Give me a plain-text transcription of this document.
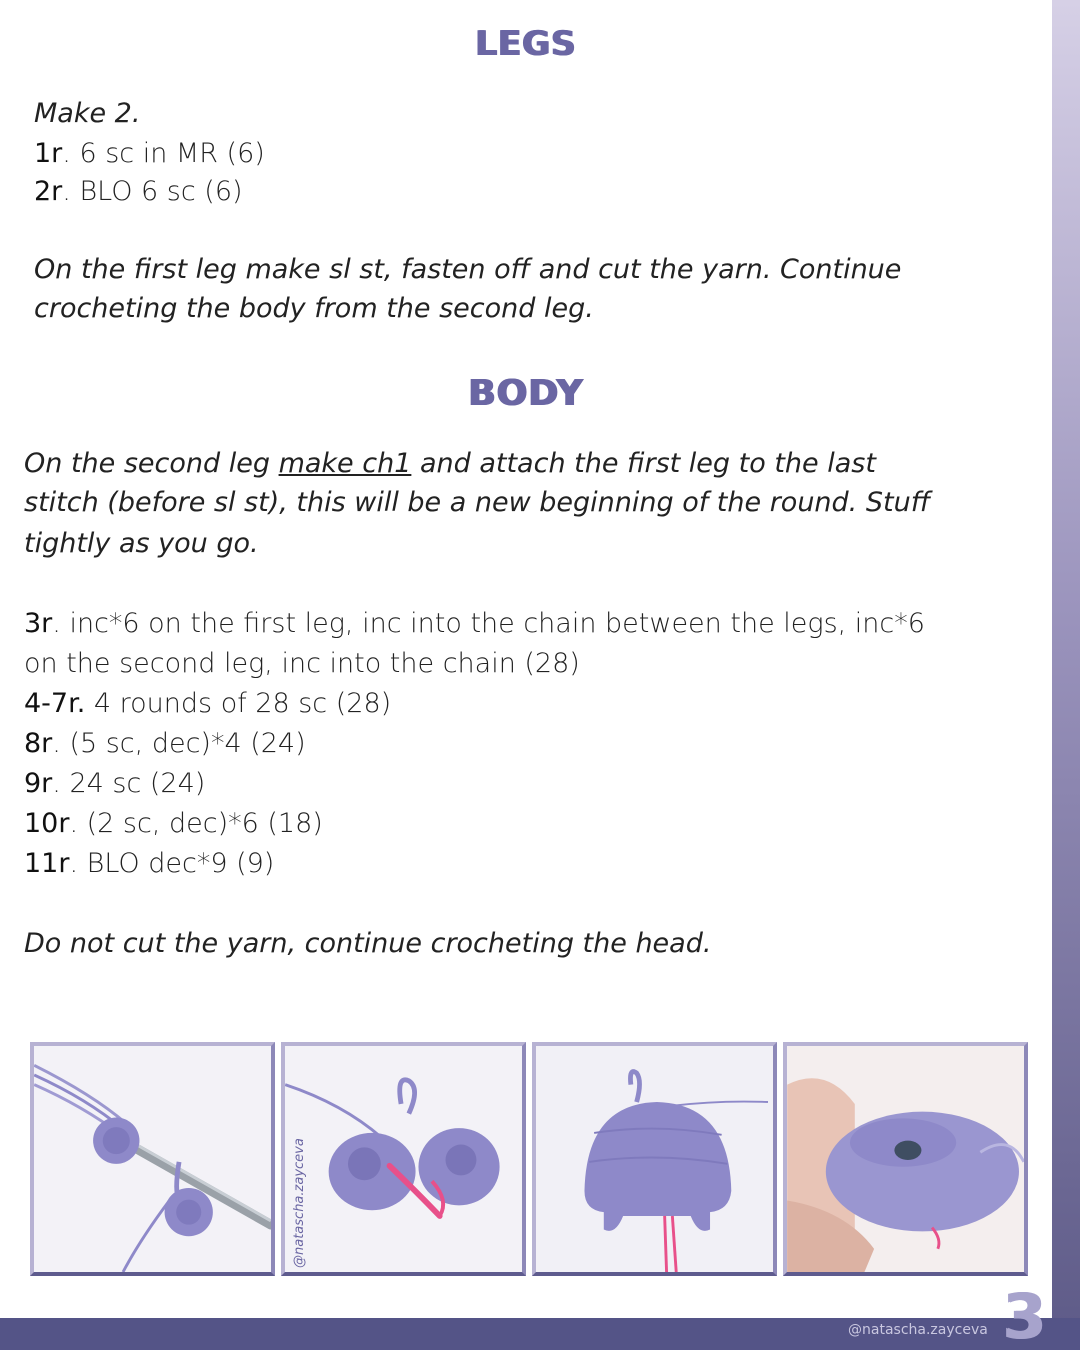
LEGS
Make 2.
1r. 6 sc in MR (6)
2r. BLO 6 sc (6)
On the first leg make sl st, fasten off and cut the yarn. Continue
crocheting the body from the second leg.
BODY
On the second leg make ch1 and attach the first leg to the last
stitch (before sl st), this will be a new beginning of the round. Stuff
tightly as you go.
3r. inc*6 on the first leg, inc into the chain between the legs, inc*6
on the second leg, inc into the chain (28)
4-7r. 4 rounds of 28 sc (28)
8r. (5 sc, dec)*4 (24)
9r. 24 sc (24)
10r. (2 sc, dec)*6 (18)
11r. BLO dec*9 (9)
Do not cut the yarn, continue crocheting the head.
@natascha.zayceva
@natascha.zayceva 3
